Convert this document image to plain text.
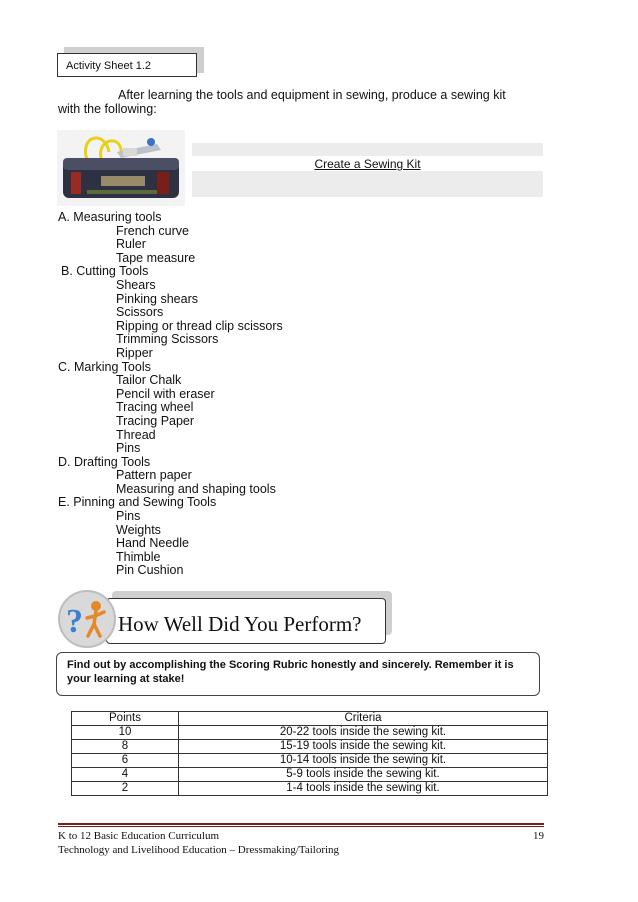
Activity Sheet 1.2
After learning the tools and equipment in sewing, produce a sewing kit
with the following:
Create a Sewing Kit
A. Measuring tools
French curve
Ruler
Tape measure
B. Cutting Tools
Shears
Pinking shears
Scissors
Ripping or thread clip scissors
Trimming Scissors
Ripper
C. Marking Tools
Tailor Chalk
Pencil with eraser
Tracing wheel
Tracing Paper
Thread
Pins
D. Drafting Tools
Pattern paper
Measuring and shaping tools
E. Pinning and Sewing Tools
Pins
Weights
Hand Needle
Thimble
Pin Cushion
How Well Did You Perform?
?
Find out by accomplishing the Scoring Rubric honestly and sincerely. Remember it is
your learning at stake!
Points	Criteria
10	20-22 tools inside the sewing kit.
8	15-19 tools inside the sewing kit.
6	10-14 tools inside the sewing kit.
4	5-9 tools inside the sewing kit.
2	1-4 tools inside the sewing kit.
K to 12 Basic Education Curriculum	19
Technology and Livelihood Education – Dressmaking/Tailoring
